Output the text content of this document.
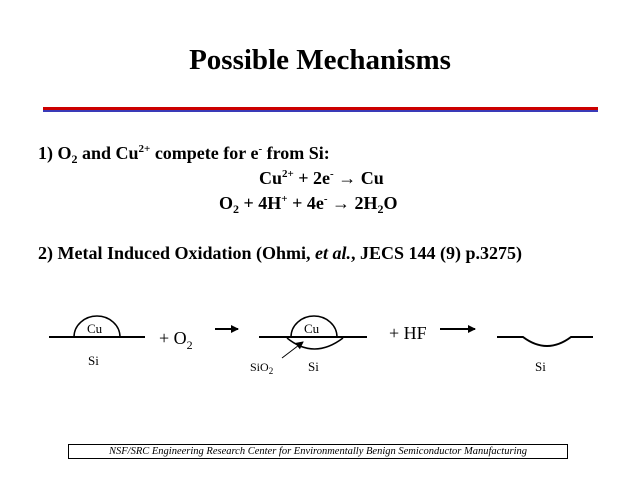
Possible Mechanisms
1) $O_2$ and $Cu^{2+}$ compete for e- from Si:
$Cu^{2+} + 2e^- \to Cu$
$O_2 + 4H^+ + 4e^- \to 2H_2O$
2) Metal Induced Oxidation (Ohmi, et al., JECS 144 (9) p.3275)
Cu
Si
+ $O_2$
Cu
SiO$_2$	Si
+ HF
Si
NSF/SRC Engineering Research Center for Environmentally Benign Semiconductor Manufacturing
